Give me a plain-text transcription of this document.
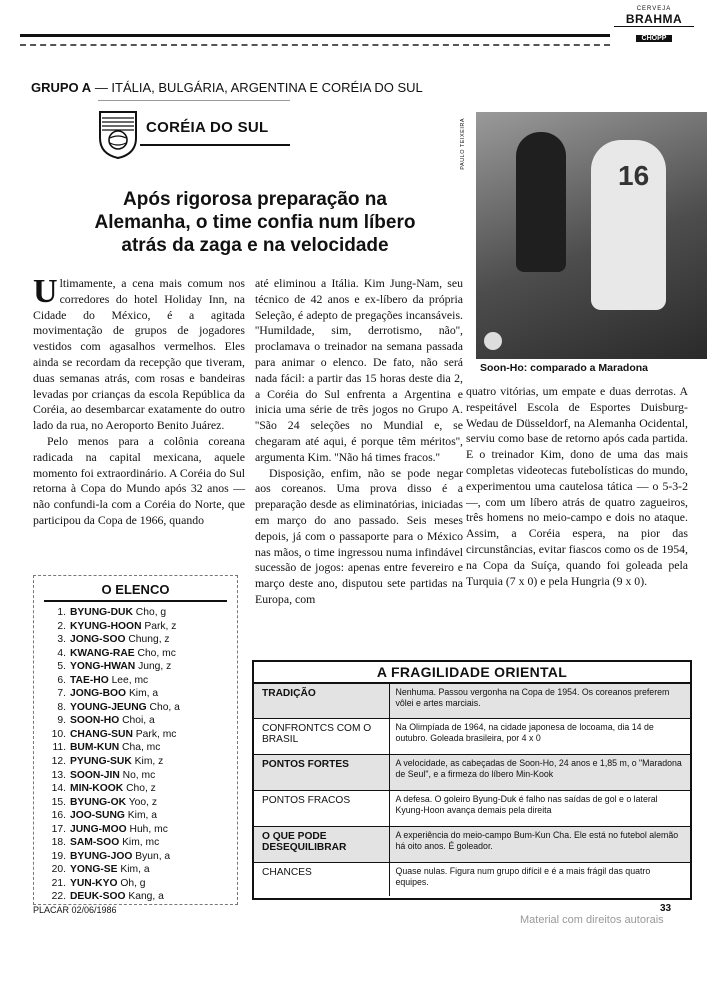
CERVEJA
BRAHMA
CHOPP
GRUPO A — ITÁLIA, BULGÁRIA, ARGENTINA E CORÉIA DO SUL
CORÉIA DO SUL
Após rigorosa preparação na Alemanha, o time confia num líbero atrás da zaga e na velocidade
PAULO TEIXEIRA
16
Soon-Ho: comparado a Maradona

Ultimamente, a cena mais comum nos corredores do hotel Holiday Inn, na Cidade do México, é a agitada movimentação de grupos de jogadores vestidos com agasalhos vermelhos. Eles ainda se recordam da recepção que tiveram, duas semanas atrás, com rosas e bandeiras levadas por crianças da escola República da Coréia, ao desembarcar exatamente do outro lado da rua, no Aeroporto Benito Juárez.

Pelo menos para a colônia coreana radicada na capital mexicana, aquele momento foi extraordinário. A Coréia do Sul retorna à Copa do Mundo após 32 anos — não confundi-la com a Coréia do Norte, que participou da Copa de 1966, quando

até eliminou a Itália. Kim Jung-Nam, seu técnico de 42 anos e ex-líbero da própria Seleção, é adepto de pregações incansáveis. ''Humildade, sim, derrotismo, não'', proclamava o treinador na semana passada para animar o elenco. De fato, não será nada fácil: a partir das 15 horas deste dia 2, a Coréia do Sul enfrenta a Argentina e inicia uma série de três jogos no Grupo A. ''São 24 seleções no Mundial e, se chegaram até aqui, é porque têm méritos'', argumenta Kim. ''Não há times fracos.''

Disposição, enfim, não se pode negar aos coreanos. Uma prova disso é a preparação desde as eliminatórias, iniciadas em março do ano passado. Seis meses depois, já com o passaporte para o México nas mãos, o time ingressou numa infindável sucessão de jogos: apenas entre fevereiro e março deste ano, disputou sete partidas na Europa, com

quatro vitórias, um empate e duas derrotas. A respeitável Escola de Esportes Duisburg-Wedau de Düsseldorf, na Alemanha Ocidental, serviu como base de retorno após cada partida. E o treinador Kim, dono de uma das mais completas videotecas futebolísticas do mundo, experimentou uma cautelosa tática — o 5-3-2 —, com um líbero atrás de quatro zagueiros, três homens no meio-campo e dois no ataque. Assim, a Coréia espera, na pior das circunstâncias, evitar fiascos como os de 1954, na Copa da Suíça, quando foi goleada pela Turquia (7 x 0) e pela Hungria (9 x 0).

O ELENCO
1. BYUNG-DUK Cho, g
2. KYUNG-HOON Park, z
3. JONG-SOO Chung, z
4. KWANG-RAE Cho, mc
5. YONG-HWAN Jung, z
6. TAE-HO Lee, mc
7. JONG-BOO Kim, a
8. YOUNG-JEUNG Cho, a
9. SOON-HO Choi, a
10. CHANG-SUN Park, mc
11. BUM-KUN Cha, mc
12. PYUNG-SUK Kim, z
13. SOON-JIN No, mc
14. MIN-KOOK Cho, z
15. BYUNG-OK Yoo, z
16. JOO-SUNG Kim, a
17. JUNG-MOO Huh, mc
18. SAM-SOO Kim, mc
19. BYUNG-JOO Byun, a
20. YONG-SE Kim, a
21. YUN-KYO Oh, g
22. DEUK-SOO Kang, a
A FRAGILIDADE ORIENTAL
TRADIÇÃO	Nenhuma. Passou vergonha na Copa de 1954. Os coreanos preferem vôlei e artes marciais.
CONFRONTCS COM O BRASIL	Na Olimpíada de 1964, na cidade japonesa de locoama, dia 14 de outubro. Goleada brasileira, por 4 x 0
PONTOS FORTES	A velocidade, as cabeçadas de Soon-Ho, 24 anos e 1,85 m, o "Maradona de Seul", e a firmeza do líbero Min-Kook
PONTOS FRACOS	A defesa. O goleiro Byung-Duk é falho nas saídas de gol e o lateral Kyung-Hoon avança demais pela direita
O QUE PODE DESEQUILIBRAR	A experiência do meio-campo Bum-Kun Cha. Ele está no futebol alemão há oito anos. É goleador.
CHANCES	Quase nulas. Figura num grupo difícil e é a mais frágil das quatro equipes.
PLACAR 02/06/1986	33
Material com direitos autorais
